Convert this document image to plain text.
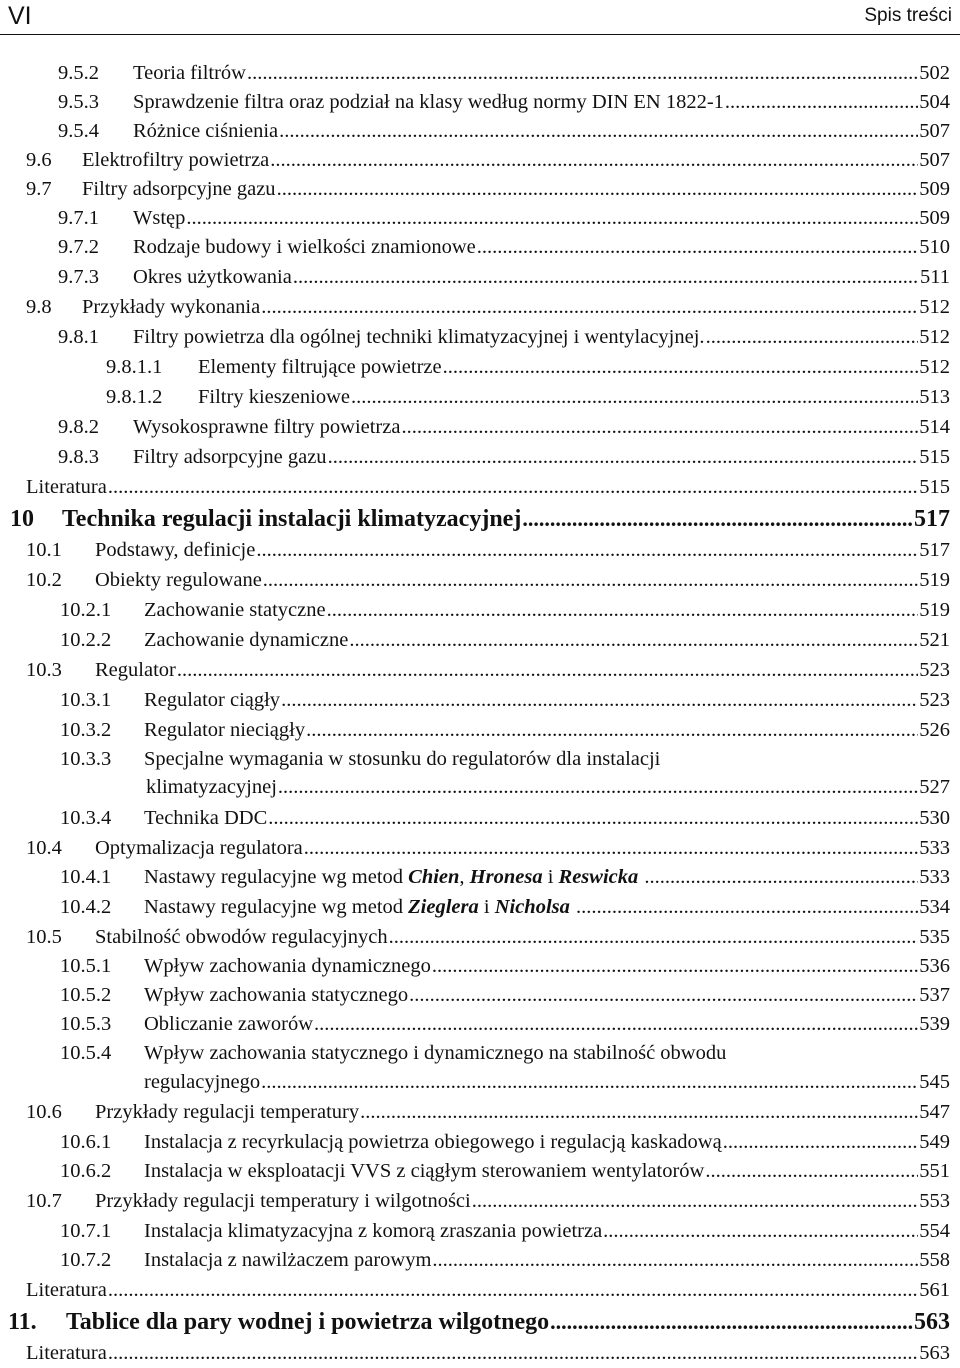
VI	Spis treści
9.5.2 Teoria filtrów .....	502
9.5.3 Sprawdzenie filtra oraz podział na klasy według normy DIN EN 1822-1 .....	504
9.5.4 Różnice ciśnienia .....	507
9.6 Elektrofiltry powietrza .....	507
9.7 Filtry adsorpcyjne gazu .....	509
9.7.1 Wstęp .....	509
9.7.2 Rodzaje budowy i wielkości znamionowe .....	510
9.7.3 Okres użytkowania .....	511
9.8 Przykłady wykonania .....	512
9.8.1 Filtry powietrza dla ogólnej techniki klimatyzacyjnej i wentylacyjnej. .....	512
9.8.1.1 Elementy filtrujące powietrze .....	512
9.8.1.2 Filtry kieszeniowe .....	513
9.8.2 Wysokosprawne filtry powietrza .....	514
9.8.3 Filtry adsorpcyjne gazu .....	515
Literatura .....	515
10 Technika regulacji instalacji klimatyzacyjnej .....	517
10.1 Podstawy, definicje .....	517
10.2 Obiekty regulowane .....	519
10.2.1 Zachowanie statyczne .....	519
10.2.2 Zachowanie dynamiczne .....	521
10.3 Regulator .....	523
10.3.1 Regulator ciągły .....	523
10.3.2 Regulator nieciągły .....	526
10.3.3 Specjalne wymagania w stosunku do regulatorów dla instalacji
klimatyzacyjnej .....	527
10.3.4 Technika DDC .....	530
10.4 Optymalizacja regulatora .....	533
10.4.1 Nastawy regulacyjne wg metod Chien, Hronesa i Reswicka .....	533
10.4.2 Nastawy regulacyjne wg metod Zieglera i Nicholsa .....	534
10.5 Stabilność obwodów regulacyjnych .....	535
10.5.1 Wpływ zachowania dynamicznego .....	536
10.5.2 Wpływ zachowania statycznego .....	537
10.5.3 Obliczanie zaworów .....	539
10.5.4 Wpływ zachowania statycznego i dynamicznego na stabilność obwodu
regulacyjnego .....	545
10.6 Przykłady regulacji temperatury .....	547
10.6.1 Instalacja z recyrkulacją powietrza obiegowego i regulacją kaskadową .....	549
10.6.2 Instalacja w eksploatacji VVS z ciągłym sterowaniem wentylatorów .....	551
10.7 Przykłady regulacji temperatury i wilgotności .....	553
10.7.1 Instalacja klimatyzacyjna z komorą zraszania powietrza .....	554
10.7.2 Instalacja z nawilżaczem parowym .....	558
Literatura .....	561
11. Tablice dla pary wodnej i powietrza wilgotnego .....	563
Literatura .....	563
